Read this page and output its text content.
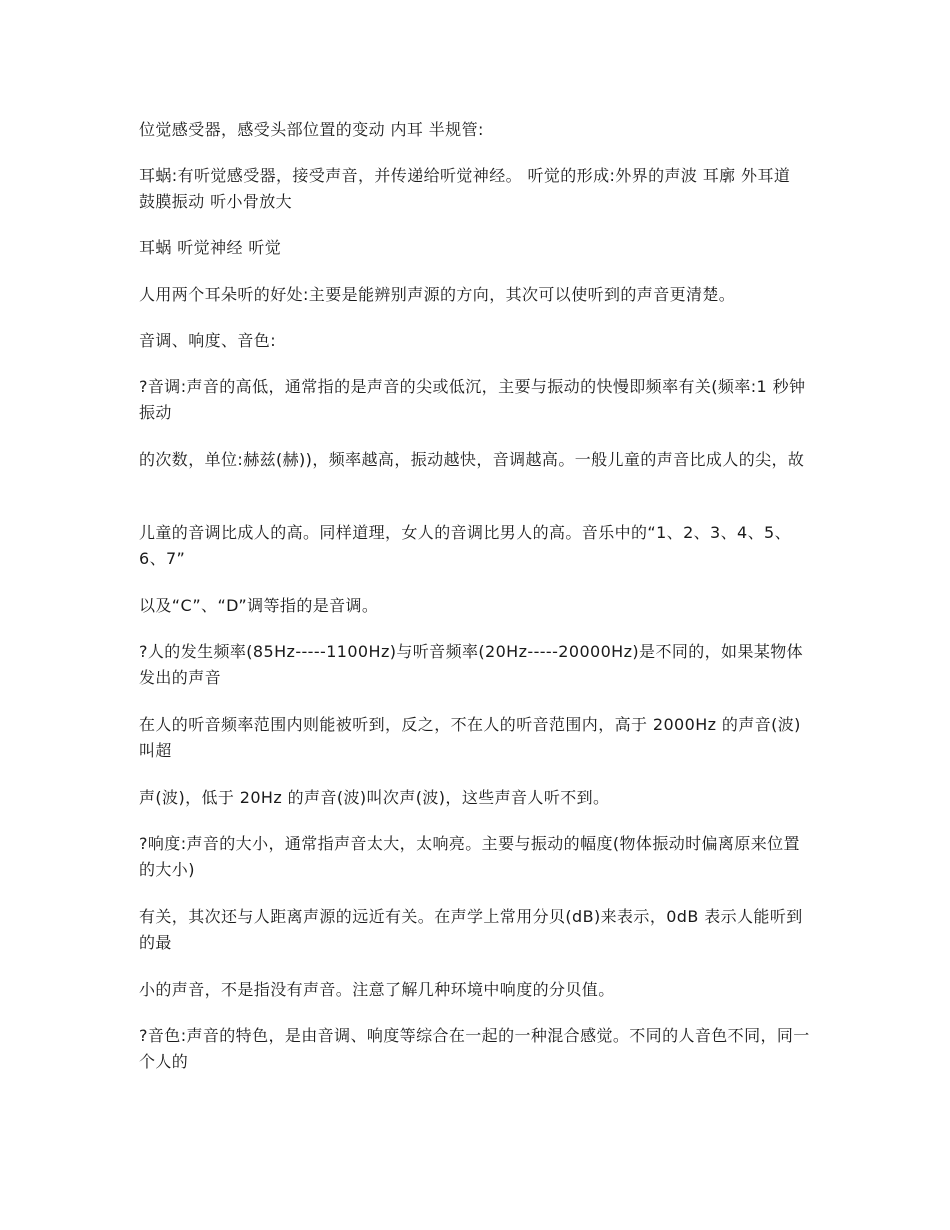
位觉感受器，感受头部位置的变动 内耳 半规管:

耳蜗:有听觉感受器，接受声音，并传递给听觉神经。 听觉的形成:外界的声波 耳廓 外耳道 鼓膜振动 听小骨放大

耳蜗 听觉神经 听觉

人用两个耳朵听的好处:主要是能辨别声源的方向，其次可以使听到的声音更清楚。

音调、响度、音色:

?音调:声音的高低，通常指的是声音的尖或低沉，主要与振动的快慢即频率有关(频率:1 秒钟振动

的次数，单位:赫兹(赫))，频率越高，振动越快，音调越高。一般儿童的声音比成人的尖，故

儿童的音调比成人的高。同样道理，女人的音调比男人的高。音乐中的“1、2、3、4、5、6、7”

以及“C”、“D”调等指的是音调。

?人的发生频率(85Hz-----1100Hz)与听音频率(20Hz-----20000Hz)是不同的，如果某物体发出的声音

在人的听音频率范围内则能被听到，反之，不在人的听音范围内，高于 2000Hz 的声音(波)叫超

声(波)，低于 20Hz 的声音(波)叫次声(波)，这些声音人听不到。

?响度:声音的大小，通常指声音太大，太响亮。主要与振动的幅度(物体振动时偏离原来位置的大小)

有关，其次还与人距离声源的远近有关。在声学上常用分贝(dB)来表示，0dB 表示人能听到的最

小的声音，不是指没有声音。注意了解几种环境中响度的分贝值。

?音色:声音的特色，是由音调、响度等综合在一起的一种混合感觉。不同的人音色不同，同一个人的
